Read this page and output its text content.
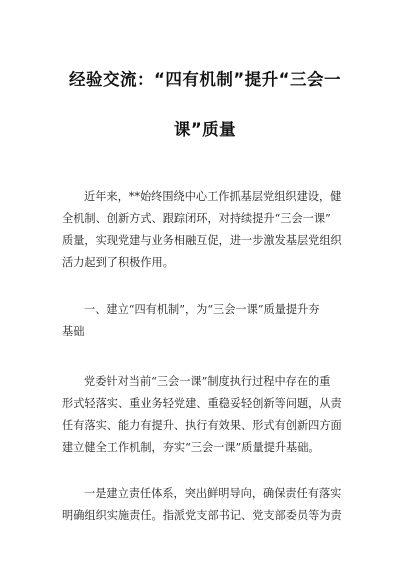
经验交流：“四有机制”提升“三会一
课”质量

近年来，**始终围绕中心工作抓基层党组织建设，健
全机制、创新方式、跟踪闭环，对持续提升“三会一课”
质量，实现党建与业务相融互促，进一步激发基层党组织
活力起到了积极作用。

一、建立“四有机制”，为“三会一课”质量提升夯
基础

党委针对当前“三会一课”制度执行过程中存在的重
形式轻落实、重业务轻党建、重稳妥轻创新等问题，从责
任有落实、能力有提升、执行有效果、形式有创新四方面
建立健全工作机制，夯实“三会一课”质量提升基础。

一是建立责任体系，突出鲜明导向，确保责任有落实
明确组织实施责任。指派党支部书记、党支部委员等为责
